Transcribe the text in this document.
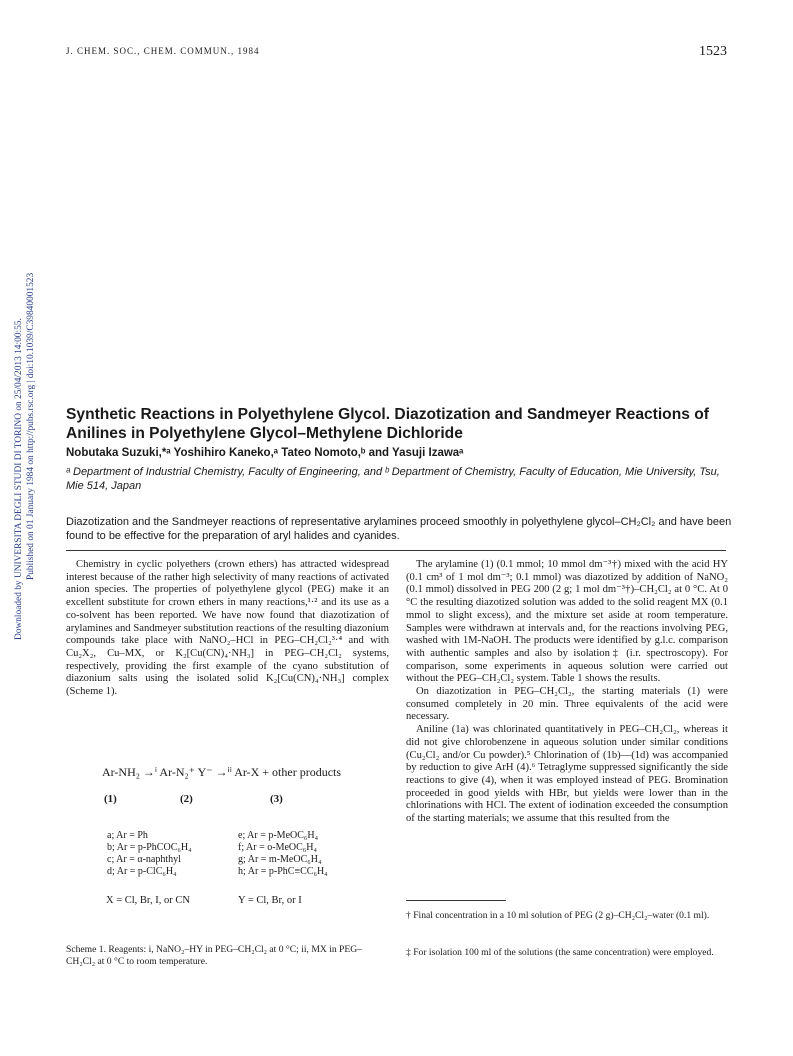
J. CHEM. SOC., CHEM. COMMUN., 1984	1523
Downloaded by UNIVERSITA DEGLI STUDI DI TORINO on 25/04/2013 14:00:55. Published on 01 January 1984 on http://pubs.rsc.org | doi:10.1039/C39840001523 Synthetic Reactions in Polyethylene Glycol. Diazotization and Sandmeyer Reactions of Anilines in Polyethylene Glycol–Methylene Dichloride
Nobutaka Suzuki,*ᵃ Yoshihiro Kaneko,ᵃ Tateo Nomoto,ᵇ and Yasuji Izawaᵃ
ᵃ Department of Industrial Chemistry, Faculty of Engineering, and ᵇ Department of Chemistry, Faculty of Education, Mie University, Tsu, Mie 514, Japan
Diazotization and the Sandmeyer reactions of representative arylamines proceed smoothly in polyethylene glycol–CH₂Cl₂ and have been found to be effective for the preparation of aryl halides and cyanides.

Chemistry in cyclic polyethers (crown ethers) has attracted widespread interest because of the rather high selectivity of many reactions of activated anion species. The properties of polyethylene glycol (PEG) make it an excellent substitute for crown ethers in many reactions,¹·² and its use as a co-solvent has been reported. We have now found that diazotization of arylamines and Sandmeyer substitution reactions of the resulting diazonium compounds take place with NaNO₂–HCl in PEG–CH₂Cl₂³·⁴ and with Cu₂X₂, Cu–MX, or K₂[Cu(CN)₄·NH₃] in PEG–CH₂Cl₂ systems, respectively, providing the first example of the cyano substitution of diazonium salts using the isolated solid K₂[Cu(CN)₄·NH₃] complex (Scheme 1).

Ar-NH₂ →ⁱ Ar-N₂⁺ Y⁻ →ⁱⁱ Ar-X + other products
(1)	(2)	(3)
a; Ar = Ph
b; Ar = p-PhCOC₆H₄
c; Ar = α-naphthyl
d; Ar = p-ClC₆H₄
e; Ar = p-MeOC₆H₄
f; Ar = o-MeOC₆H₄
g; Ar = m-MeOC₆H₄
h; Ar = p-PhC≡CC₆H₄
X = Cl, Br, I, or CN	Y = Cl, Br, or I
Scheme 1. Reagents: i, NaNO₂–HY in PEG–CH₂Cl₂ at 0 °C; ii, MX in PEG–CH₂Cl₂ at 0 °C to room temperature.

The arylamine (1) (0.1 mmol; 10 mmol dm⁻³†) mixed with the acid HY (0.1 cm³ of 1 mol dm⁻³; 0.1 mmol) was diazotized by addition of NaNO₂ (0.1 mmol) dissolved in PEG 200 (2 g; 1 mol dm⁻³†)–CH₂Cl₂ at 0 °C. At 0 °C the resulting diazotized solution was added to the solid reagent MX (0.1 mmol to slight excess), and the mixture set aside at room temperature. Samples were withdrawn at intervals and, for the reactions involving PEG, washed with 1M-NaOH. The products were identified by g.l.c. comparison with authentic samples and also by isolation‡ (i.r. spectroscopy). For comparison, some experiments in aqueous solution were carried out without the PEG–CH₂Cl₂ system. Table 1 shows the results.

On diazotization in PEG–CH₂Cl₂, the starting materials (1) were consumed completely in 20 min. Three equivalents of the acid were necessary.

Aniline (1a) was chlorinated quantitatively in PEG–CH₂Cl₂, whereas it did not give chlorobenzene in aqueous solution under similar conditions (Cu₂Cl₂ and/or Cu powder).⁵ Chlorination of (1b)—(1d) was accompanied by reduction to give ArH (4).⁶ Tetraglyme suppressed significantly the side reactions to give (4), when it was employed instead of PEG. Bromination proceeded in good yields with HBr, but yields were lower than in the chlorinations with HCl. The extent of iodination exceeded the consumption of the starting materials; we assume that this resulted from the

† Final concentration in a 10 ml solution of PEG (2 g)–CH₂Cl₂–water (0.1 ml).
‡ For isolation 100 ml of the solutions (the same concentration) were employed.
